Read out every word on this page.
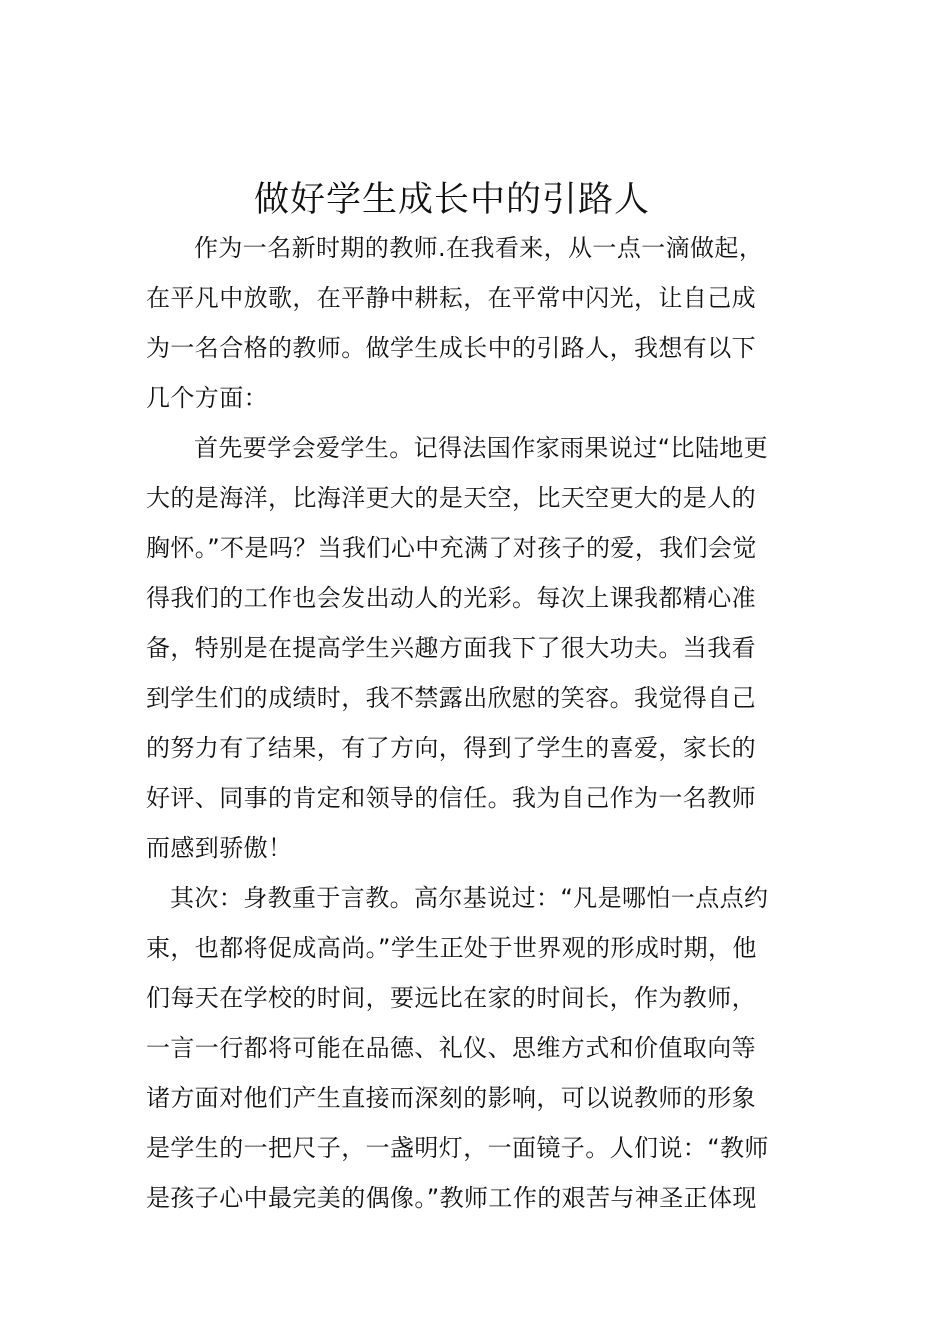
做好学生成长中的引路人
作为一名新时期的教师.在我看来，从一点一滴做起，
在平凡中放歌，在平静中耕耘，在平常中闪光，让自己成
为一名合格的教师。做学生成长中的引路人，我想有以下
几个方面：
首先要学会爱学生。记得法国作家雨果说过“比陆地更
大的是海洋，比海洋更大的是天空，比天空更大的是人的
胸怀。”不是吗？当我们心中充满了对孩子的爱，我们会觉
得我们的工作也会发出动人的光彩。每次上课我都精心准
备，特别是在提高学生兴趣方面我下了很大功夫。当我看
到学生们的成绩时，我不禁露出欣慰的笑容。我觉得自己
的努力有了结果，有了方向，得到了学生的喜爱，家长的
好评、同事的肯定和领导的信任。我为自己作为一名教师
而感到骄傲！
其次：身教重于言教。高尔基说过：“凡是哪怕一点点约
束，也都将促成高尚。”学生正处于世界观的形成时期，他
们每天在学校的时间，要远比在家的时间长，作为教师，
一言一行都将可能在品德、礼仪、思维方式和价值取向等
诸方面对他们产生直接而深刻的影响，可以说教师的形象
是学生的一把尺子，一盏明灯，一面镜子。人们说：“教师
是孩子心中最完美的偶像。”教师工作的艰苦与神圣正体现
